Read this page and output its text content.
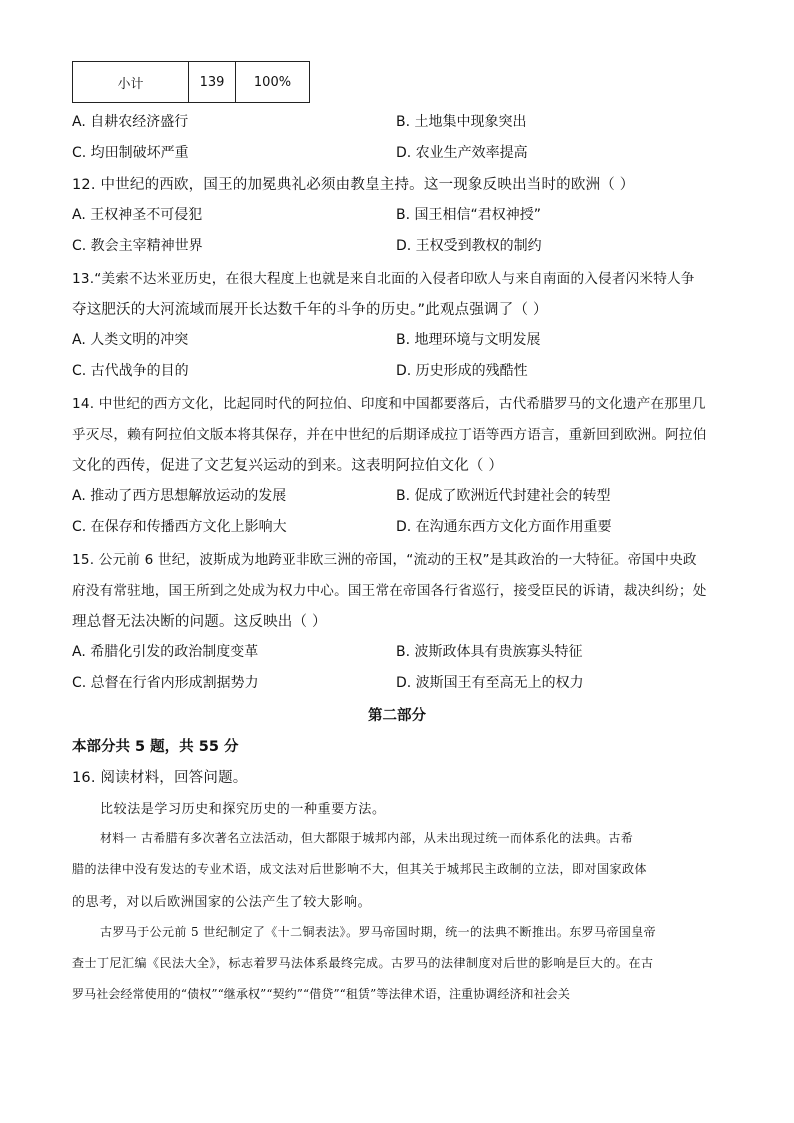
小计	139	100%
A. 自耕农经济盛行	B. 土地集中现象突出
C. 均田制破坏严重	D. 农业生产效率提高
12. 中世纪的西欧，国王的加冕典礼必须由教皇主持。这一现象反映出当时的欧洲（ ）
A. 王权神圣不可侵犯	B. 国王相信“君权神授”
C. 教会主宰精神世界	D. 王权受到教权的制约
13.“美索不达米亚历史，在很大程度上也就是来自北面的入侵者印欧人与来自南面的入侵者闪米特人争
夺这肥沃的大河流域而展开长达数千年的斗争的历史。”此观点强调了（ ）
A. 人类文明的冲突	B. 地理环境与文明发展
C. 古代战争的目的	D. 历史形成的残酷性
14. 中世纪的西方文化，比起同时代的阿拉伯、印度和中国都要落后，古代希腊罗马的文化遗产在那里几
乎灭尽，赖有阿拉伯文版本将其保存，并在中世纪的后期译成拉丁语等西方语言，重新回到欧洲。阿拉伯
文化的西传，促进了文艺复兴运动的到来。这表明阿拉伯文化（ ）
A. 推动了西方思想解放运动的发展	B. 促成了欧洲近代封建社会的转型
C. 在保存和传播西方文化上影响大	D. 在沟通东西方文化方面作用重要
15. 公元前 6 世纪，波斯成为地跨亚非欧三洲的帝国，“流动的王权”是其政治的一大特征。帝国中央政
府没有常驻地，国王所到之处成为权力中心。国王常在帝国各行省巡行，接受臣民的诉请，裁决纠纷；处
理总督无法决断的问题。这反映出（ ）
A. 希腊化引发的政治制度变革	B. 波斯政体具有贵族寡头特征
C. 总督在行省内形成割据势力	D. 波斯国王有至高无上的权力
第二部分
本部分共 5 题，共 55 分
16. 阅读材料，回答问题。
比较法是学习历史和探究历史的一种重要方法。
材料一 古希腊有多次著名立法活动，但大都限于城邦内部，从未出现过统一而体系化的法典。古希
腊的法律中没有发达的专业术语，成文法对后世影响不大，但其关于城邦民主政制的立法，即对国家政体
的思考，对以后欧洲国家的公法产生了较大影响。
古罗马于公元前 5 世纪制定了《十二铜表法》。罗马帝国时期，统一的法典不断推出。东罗马帝国皇帝
查士丁尼汇编《民法大全》，标志着罗马法体系最终完成。古罗马的法律制度对后世的影响是巨大的。在古
罗马社会经常使用的“债权”“继承权”“契约”“借贷”“租赁”等法律术语，注重协调经济和社会关
